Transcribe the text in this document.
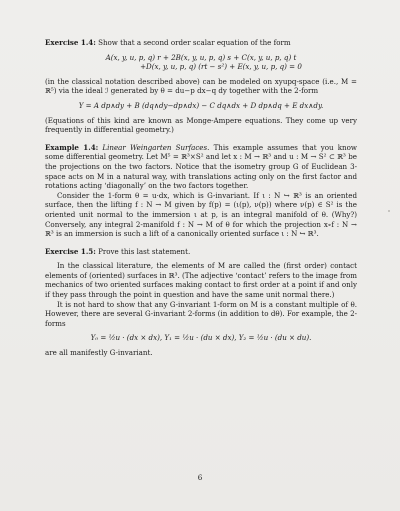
Exercise 1.4: Show that a second order scalar equation of the form

A(x, y, u, p, q) r + 2B(x, y, u, p, q) s + C(x, y, u, p, q) t
+D(x, y, u, p, q) (rt − s²) + E(x, y, u, p, q) = 0

(in the classical notation described above) can be modeled on xyupq-space (i.e., M = ℝ⁵) via the ideal ℐ generated by θ = du−p dx−q dy together with the 2-form

Υ = A dp∧dy + B (dq∧dy−dp∧dx) − C dq∧dx + D dp∧dq + E dx∧dy.

(Equations of this kind are known as Monge-Ampere equations. They come up very frequently in differential geometry.)

Example 1.4: Linear Weingarten Surfaces. This example assumes that you know some differential geometry. Let M⁵ = ℝ³×S² and let x : M → ℝ³ and u : M → S² ⊂ ℝ³ be the projections on the two factors. Notice that the isometry group G of Euclidean 3-space acts on M in a natural way, with translations acting only on the first factor and rotations acting ‘diagonally’ on the two factors together.

Consider the 1-form θ = u·dx, which is G-invariant. If ι : N ↪ ℝ³ is an oriented surface, then the lifting f : N → M given by f(p) = (ι(p), ν(p)) where ν(p) ∈ S² is the oriented unit normal to the immersion ι at p, is an integral manifold of θ. (Why?) Conversely, any integral 2-manifold f : N → M of θ for which the projection x∘f : N → ℝ³ is an immersion is such a lift of a canonically oriented surface ι : N ↪ ℝ³.

Exercise 1.5: Prove this last statement.

In the classical literature, the elements of M are called the (first order) contact elements of (oriented) surfaces in ℝ³. (The adjective ‘contact’ refers to the image from mechanics of two oriented surfaces making contact to first order at a point if and only if they pass through the point in question and have the same unit normal there.)

It is not hard to show that any G-invariant 1-form on M is a constant multiple of θ. However, there are several G-invariant 2-forms (in addition to dθ). For example, the 2-forms

Υ₀ = ½u · (dx × dx), Υ₁ = ½u · (du × dx), Υ₂ = ½u · (du × du).

are all manifestly G-invariant.

6
